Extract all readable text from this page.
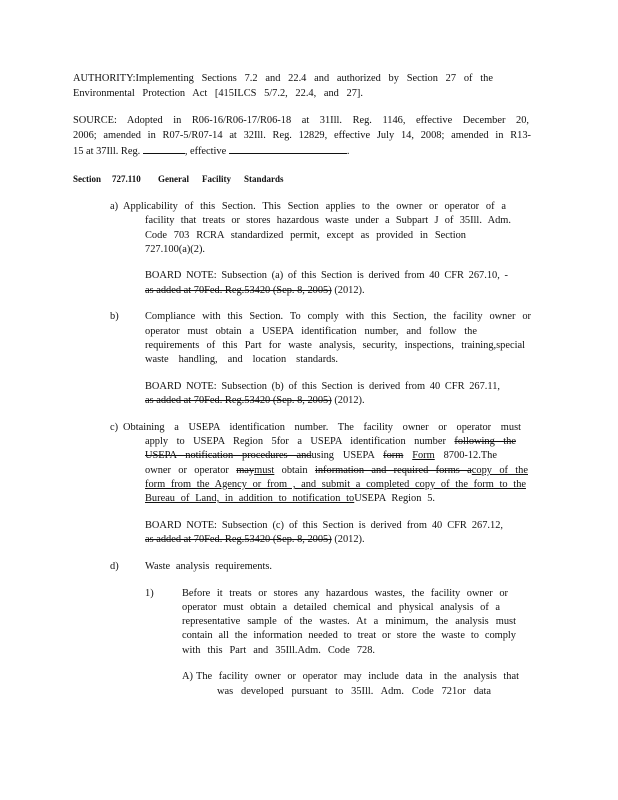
AUTHORITY:Implementing Sections 7.2 and 22.4 and authorized by Section 27 of the
Environmental Protection Act [415ILCS 5/7.2, 22.4, and 27].
SOURCE: Adopted in R06-16/R06-17/R06-18 at 31Ill. Reg. 1146, effective December 20,
2006; amended in R07-5/R07-14 at 32Ill. Reg. 12829, effective July 14, 2008; amended in R13-
15 at 37Ill. Reg.	, effective	.
Section 727.110 General Facility Standards
a) Applicability of this Section. This Section applies to the owner or operator of a
facility that treats or stores hazardous waste under a Subpart J of 35Ill. Adm.
Code 703 RCRA standardized permit, except as provided in Section
727.100(a)(2).
BOARD NOTE: Subsection (a) of this Section is derived from 40 CFR 267.10, -
as added at 70Fed. Reg.53420 (Sep. 8, 2005) (2012).
b)	Compliance with this Section. To comply with this Section, the facility owner or
operator must obtain a USEPA identification number, and follow the
requirements of this Part for waste analysis, security, inspections, training,special
waste handling, and location standards.
BOARD NOTE: Subsection (b) of this Section is derived from 40 CFR 267.11,
as added at 70Fed. Reg.53420 (Sep. 8, 2005) (2012).
c) Obtaining a USEPA identification number. The facility owner or operator must
apply to USEPA Region 5for a USEPA identification number following the
USEPA notification procedures andusing USEPA form Form 8700-12.The
owner or operator maymust obtain information and required forms acopy of the
form from the Agency or from , and submit a completed copy of the form to the
Bureau of Land, in addition to notification toUSEPA Region 5.
BOARD NOTE: Subsection (c) of this Section is derived from 40 CFR 267.12,
as added at 70Fed. Reg.53420 (Sep. 8, 2005) (2012).
d)	Waste analysis requirements.
1)	Before it treats or stores any hazardous wastes, the facility owner or
operator must obtain a detailed chemical and physical analysis of a
representative sample of the wastes. At a minimum, the analysis must
contain all the information needed to treat or store the waste to comply
with this Part and 35Ill.Adm. Code 728.
A) The facility owner or operator may include data in the analysis that
was developed pursuant to 35Ill. Adm. Code 721or data
